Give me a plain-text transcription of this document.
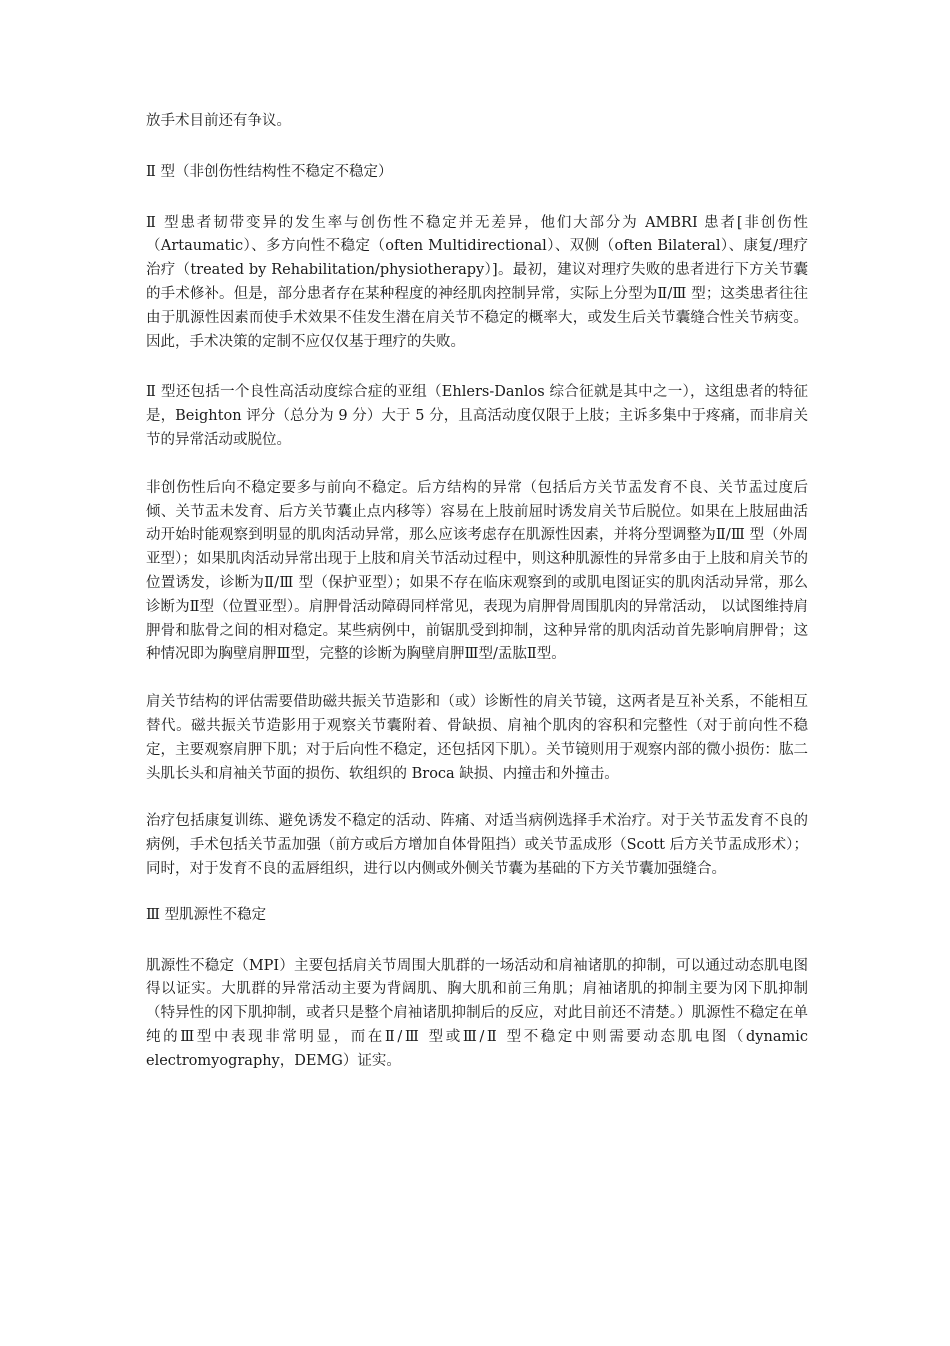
放手术目前还有争议。

Ⅱ 型（非创伤性结构性不稳定不稳定）

Ⅱ 型患者韧带变异的发生率与创伤性不稳定并无差异，他们大部分为 AMBRI 患者[非创伤性（Artaumatic）、多方向性不稳定（often Multidirectional）、双侧（often Bilateral）、康复/理疗治疗（treated by Rehabilitation/physiotherapy）]。最初，建议对理疗失败的患者进行下方关节囊的手术修补。但是，部分患者存在某种程度的神经肌肉控制异常，实际上分型为Ⅱ/Ⅲ 型；这类患者往往由于肌源性因素而使手术效果不佳发生潜在肩关节不稳定的概率大，或发生后关节囊缝合性关节病变。因此，手术决策的定制不应仅仅基于理疗的失败。

Ⅱ 型还包括一个良性高活动度综合症的亚组（Ehlers-Danlos 综合征就是其中之一），这组患者的特征是，Beighton 评分（总分为 9 分）大于 5 分，且高活动度仅限于上肢；主诉多集中于疼痛，而非肩关节的异常活动或脱位。

非创伤性后向不稳定要多与前向不稳定。后方结构的异常（包括后方关节盂发育不良、关节盂过度后倾、关节盂未发育、后方关节囊止点内移等）容易在上肢前屈时诱发肩关节后脱位。如果在上肢屈曲活动开始时能观察到明显的肌肉活动异常，那么应该考虑存在肌源性因素，并将分型调整为Ⅱ/Ⅲ 型（外周亚型）；如果肌肉活动异常出现于上肢和肩关节活动过程中，则这种肌源性的异常多由于上肢和肩关节的位置诱发，诊断为Ⅱ/Ⅲ 型（保护亚型）；如果不存在临床观察到的或肌电图证实的肌肉活动异常，那么诊断为Ⅱ型（位置亚型）。肩胛骨活动障碍同样常见，表现为肩胛骨周围肌肉的异常活动， 以试图维持肩胛骨和肱骨之间的相对稳定。某些病例中，前锯肌受到抑制，这种异常的肌肉活动首先影响肩胛骨；这种情况即为胸壁肩胛Ⅲ型，完整的诊断为胸壁肩胛Ⅲ型/盂肱Ⅱ型。

肩关节结构的评估需要借助磁共振关节造影和（或）诊断性的肩关节镜，这两者是互补关系，不能相互替代。磁共振关节造影用于观察关节囊附着、骨缺损、肩袖个肌肉的容积和完整性（对于前向性不稳定，主要观察肩胛下肌；对于后向性不稳定，还包括冈下肌）。关节镜则用于观察内部的微小损伤：肱二头肌长头和肩袖关节面的损伤、软组织的 Broca 缺损、内撞击和外撞击。

治疗包括康复训练、避免诱发不稳定的活动、阵痛、对适当病例选择手术治疗。对于关节盂发育不良的病例，手术包括关节盂加强（前方或后方增加自体骨阻挡）或关节盂成形（Scott 后方关节盂成形术）；同时，对于发育不良的盂唇组织，进行以内侧或外侧关节囊为基础的下方关节囊加强缝合。

Ⅲ 型肌源性不稳定

肌源性不稳定（MPI）主要包括肩关节周围大肌群的一场活动和肩袖诸肌的抑制，可以通过动态肌电图得以证实。大肌群的异常活动主要为背阔肌、胸大肌和前三角肌；肩袖诸肌的抑制主要为冈下肌抑制（特异性的冈下肌抑制，或者只是整个肩袖诸肌抑制后的反应，对此目前还不清楚。）肌源性不稳定在单纯的Ⅲ型中表现非常明显，而在Ⅱ/Ⅲ 型或Ⅲ/Ⅱ 型不稳定中则需要动态肌电图（dynamic electromyography，DEMG）证实。
